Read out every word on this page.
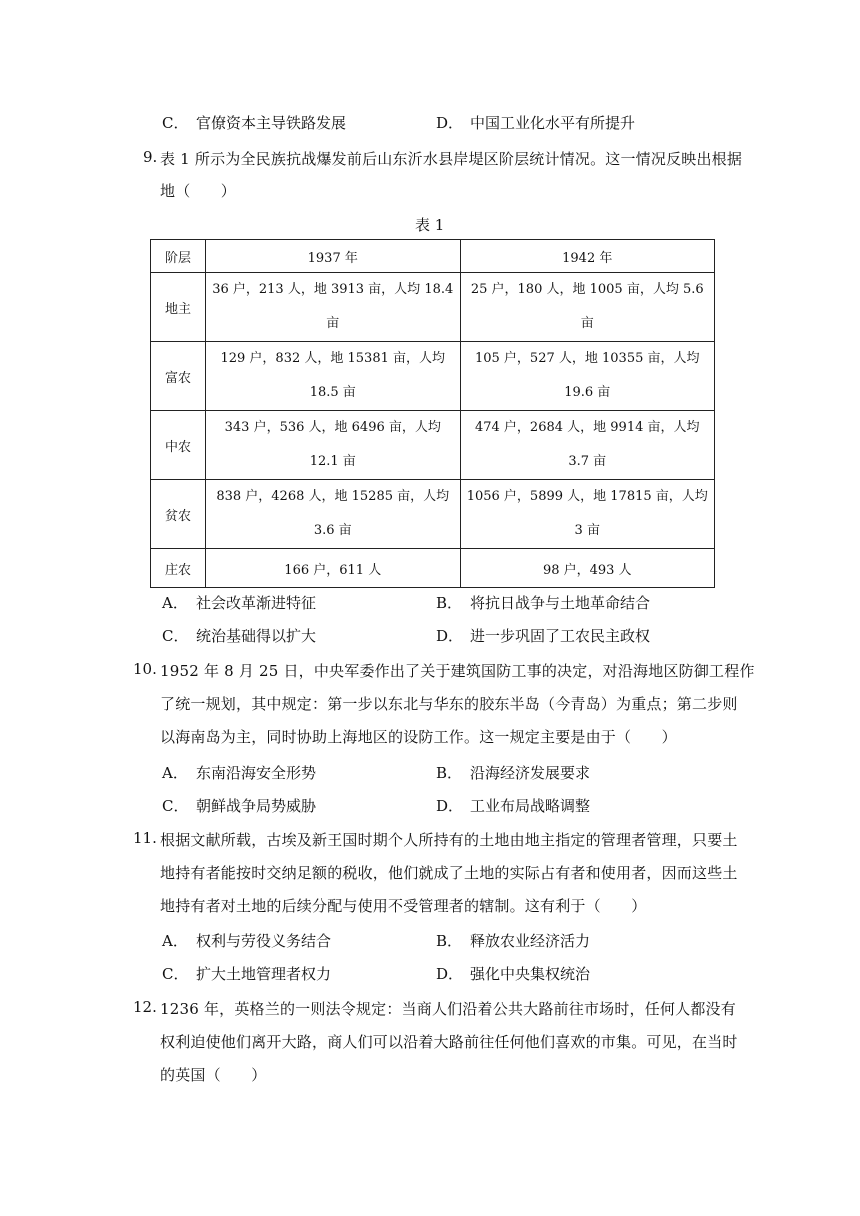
C． 官僚资本主导铁路发展	D． 中国工业化水平有所提升
9. 表 1 所示为全民族抗战爆发前后山东沂水县岸堤区阶层统计情况。这一情况反映出根据
地（　　）
表 1
阶层	1937 年	1942 年
地主	36 户，213 人，地 3913 亩，人均 18.4 亩	25 户，180 人，地 1005 亩，人均 5.6 亩
富农	129 户，832 人，地 15381 亩，人均 18.5 亩	105 户，527 人，地 10355 亩，人均 19.6 亩
中农	343 户，536 人，地 6496 亩，人均 12.1 亩	474 户，2684 人，地 9914 亩，人均 3.7 亩
贫农	838 户，4268 人，地 15285 亩，人均 3.6 亩	1056 户，5899 人，地 17815 亩，人均 3 亩
庄农	166 户，611 人	98 户，493 人
A． 社会改革渐进特征	B． 将抗日战争与土地革命结合
C． 统治基础得以扩大	D． 进一步巩固了工农民主政权
10. 1952 年 8 月 25 日，中央军委作出了关于建筑国防工事的决定，对沿海地区防御工程作
了统一规划，其中规定：第一步以东北与华东的胶东半岛（今青岛）为重点；第二步则
以海南岛为主，同时协助上海地区的设防工作。这一规定主要是由于（　　）
A． 东南沿海安全形势	B． 沿海经济发展要求
C． 朝鲜战争局势威胁	D． 工业布局战略调整
11. 根据文献所载，古埃及新王国时期个人所持有的土地由地主指定的管理者管理，只要土
地持有者能按时交纳足额的税收，他们就成了土地的实际占有者和使用者，因而这些土
地持有者对土地的后续分配与使用不受管理者的辖制。这有利于（　　）
A． 权利与劳役义务结合	B． 释放农业经济活力
C． 扩大土地管理者权力	D． 强化中央集权统治
12. 1236 年，英格兰的一则法令规定：当商人们沿着公共大路前往市场时，任何人都没有
权利迫使他们离开大路，商人们可以沿着大路前往任何他们喜欢的市集。可见，在当时
的英国（　　）
